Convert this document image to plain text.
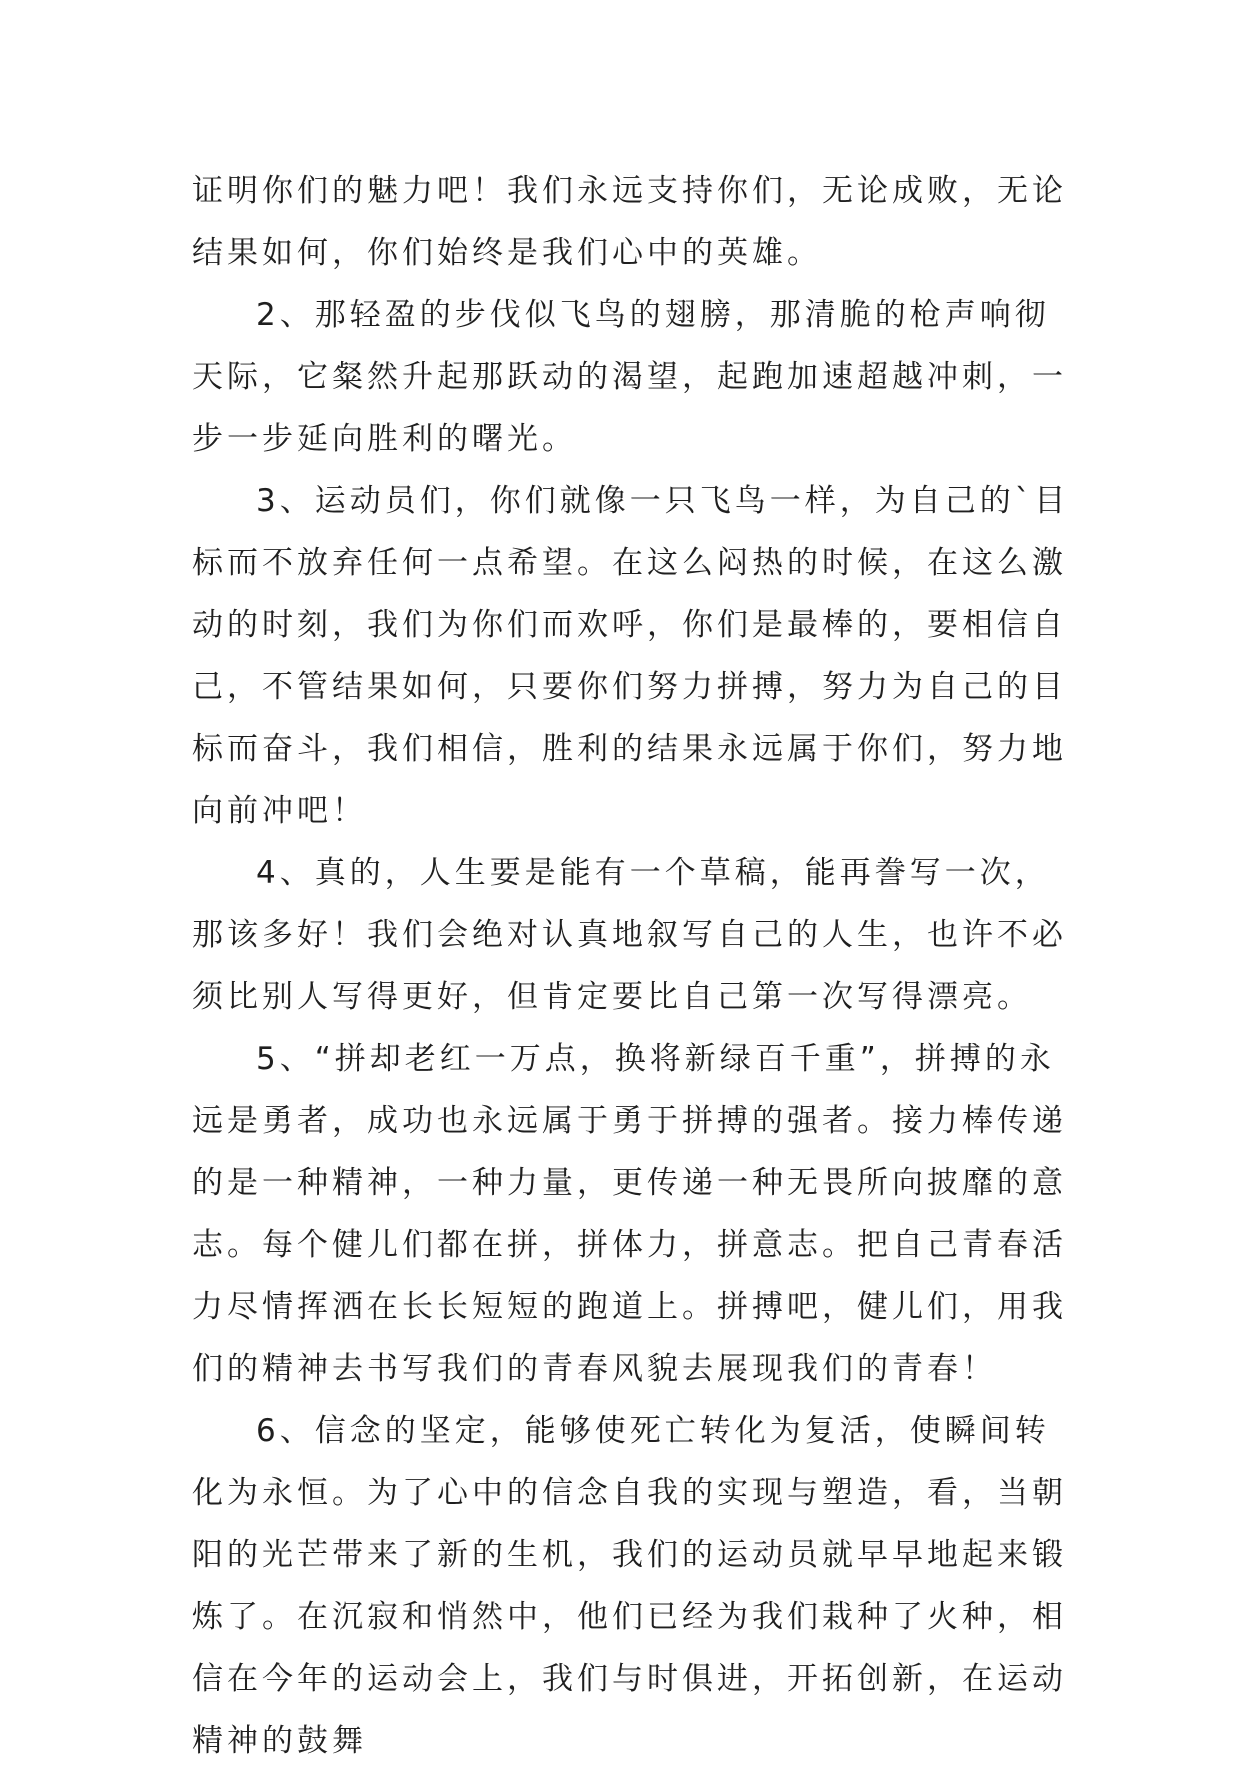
证明你们的魅力吧！我们永远支持你们，无论成败，无论结果如何，你们始终是我们心中的英雄。

2、那轻盈的步伐似飞鸟的翅膀，那清脆的枪声响彻天际，它粲然升起那跃动的渴望，起跑加速超越冲刺，一步一步延向胜利的曙光。

3、运动员们，你们就像一只飞鸟一样，为自己的`目标而不放弃任何一点希望。在这么闷热的时候，在这么激动的时刻，我们为你们而欢呼，你们是最棒的，要相信自己，不管结果如何，只要你们努力拼搏，努力为自己的目标而奋斗，我们相信，胜利的结果永远属于你们，努力地向前冲吧！

4、真的，人生要是能有一个草稿，能再誊写一次，那该多好！我们会绝对认真地叙写自己的人生，也许不必须比别人写得更好，但肯定要比自己第一次写得漂亮。

5、“拼却老红一万点，换将新绿百千重”，拼搏的永远是勇者，成功也永远属于勇于拼搏的强者。接力棒传递的是一种精神，一种力量，更传递一种无畏所向披靡的意志。每个健儿们都在拼，拼体力，拼意志。把自己青春活力尽情挥洒在长长短短的跑道上。拼搏吧，健儿们，用我们的精神去书写我们的青春风貌去展现我们的青春！

6、信念的坚定，能够使死亡转化为复活，使瞬间转化为永恒。为了心中的信念自我的实现与塑造，看，当朝阳的光芒带来了新的生机，我们的运动员就早早地起来锻炼了。在沉寂和悄然中，他们已经为我们栽种了火种，相信在今年的运动会上，我们与时俱进，开拓创新，在运动精神的鼓舞
